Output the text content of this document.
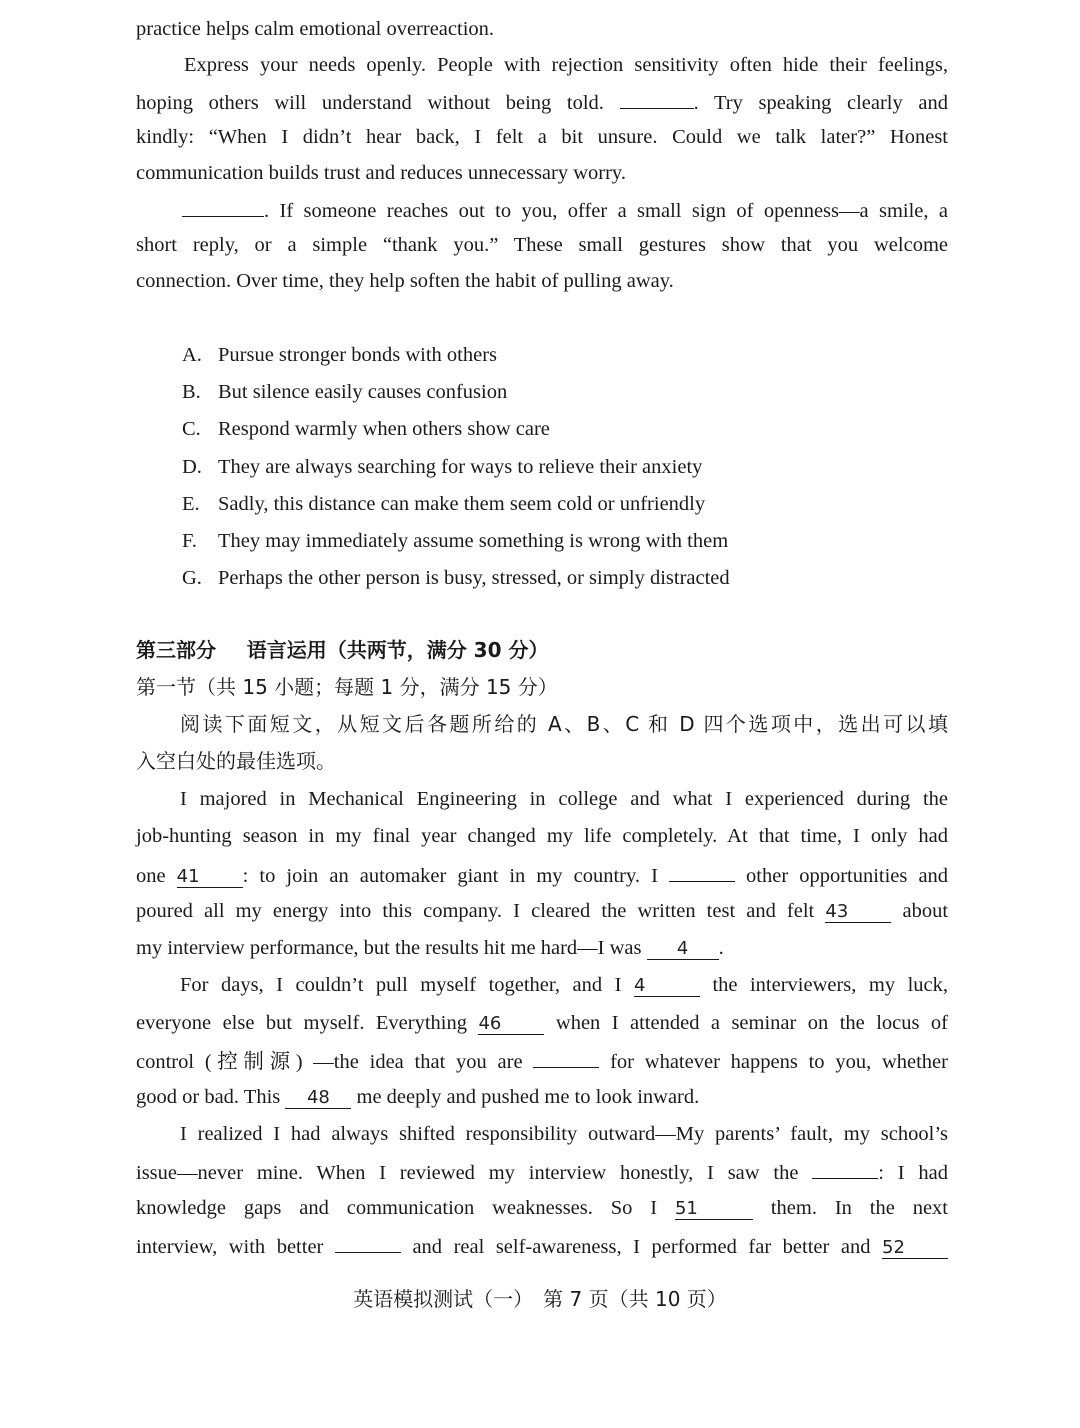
practice helps calm emotional overreaction.
Express your needs openly. People with rejection sensitivity often hide their feelings,
hoping others will understand without being told.	. Try speaking clearly and
kindly: “When I didn’t hear back, I felt a bit unsure. Could we talk later?” Honest
communication builds trust and reduces unnecessary worry.
. If someone reaches out to you, offer a small sign of openness—a smile, a
short reply, or a simple “thank you.” These small gestures show that you welcome
connection. Over time, they help soften the habit of pulling away.
A. Pursue stronger bonds with others
B. But silence easily causes confusion
C. Respond warmly when others show care
D. They are always searching for ways to relieve their anxiety
E. Sadly, this distance can make them seem cold or unfriendly
F. They may immediately assume something is wrong with them
G. Perhaps the other person is busy, stressed, or simply distracted
第三部分 语言运用（共两节，满分 30 分）
第一节（共 15 小题；每题 1 分，满分 15 分）
阅读下面短文，从短文后各题所给的 A、B、C 和 D 四个选项中，选出可以填
入空白处的最佳选项。
I majored in Mechanical Engineering in college and what I experienced during the
job-hunting season in my final year changed my life completely. At that time, I only had
one 41 : to join an automaker giant in my country. I	other opportunities and
poured all my energy into this company. I cleared the written test and felt 43	about
my interview performance, but the results hit me hard—I was 4 .
For days, I couldn’t pull myself together, and I 4	the interviewers, my luck,
everyone else but myself. Everything 46	when I attended a seminar on the locus of
control (控制源) —the idea that you are	for whatever happens to you, whether
good or bad. This 48 me deeply and pushed me to look inward.
I realized I had always shifted responsibility outward—My parents’ fault, my school’s
issue—never mine. When I reviewed my interview honestly, I saw the	: I had
knowledge gaps and communication weaknesses. So I 51	them. In the next
interview, with better	and real self-awareness, I performed far better and 52
英语模拟测试（一）　第 7 页（共 10 页）
